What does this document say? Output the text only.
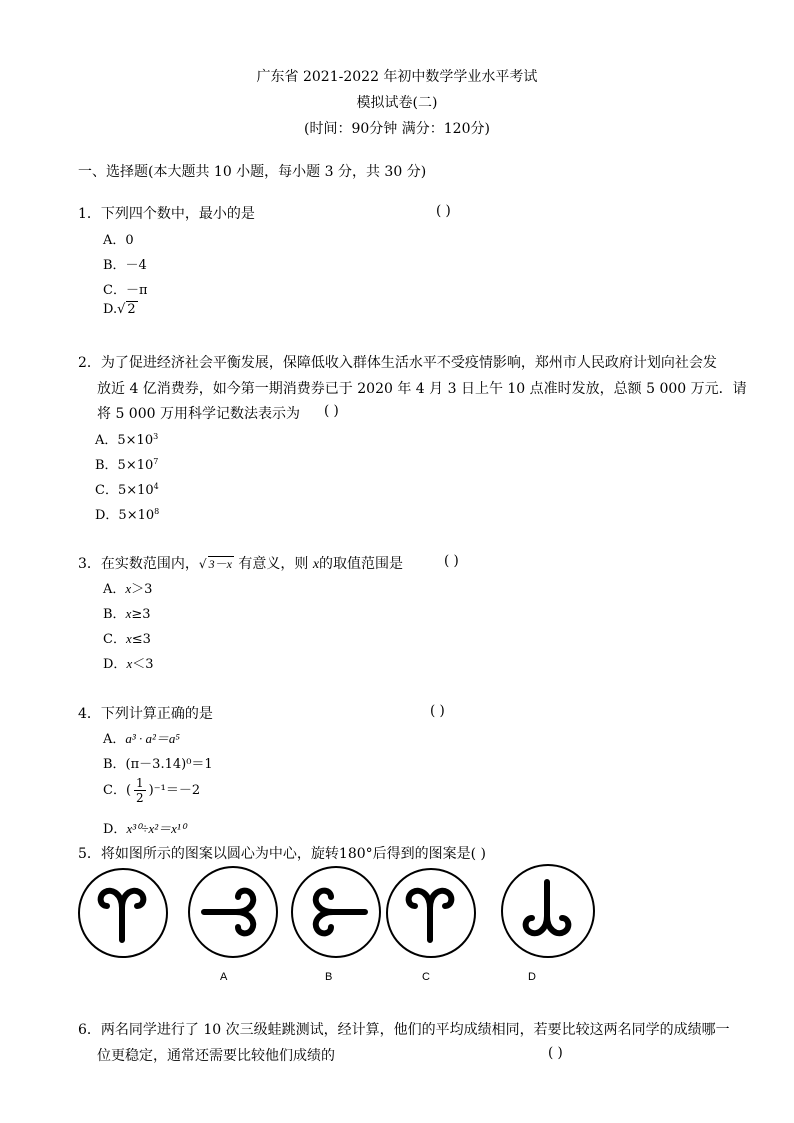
广东省 2021-2022 年初中数学学业水平考试
模拟试卷(二)
(时间：90分钟 满分：120分)
一、选择题(本大题共 10 小题，每小题 3 分，共 30 分)
1．下列四个数中，最小的是	( )
A．0
B．－4
C．－π
D.√ 2
2．为了促进经济社会平衡发展，保障低收入群体生活水平不受疫情影响，郑州市人民政府计划向社会发
放近 4 亿消费券，如今第一期消费券已于 2020 年 4 月 3 日上午 10 点准时发放，总额 5 000 万元．请
将 5 000 万用科学记数法表示为 ( )
A．$5\times 10^3$
B．$5\times 10^7$
C．$5\times 10^4$
D．$5\times 10^8$
3．在实数范围内，√ 3－x 有意义，则 x的取值范围是	( )
A．x＞3
B．x≥3
C．x≤3
D．x＜3
4．下列计算正确的是	( )
A．a³ · a²＝a⁵
B．(π－3.14)⁰＝1
C．( $\frac{1}{2} )^{-1}=-2$
D．x³⁰÷x²＝x¹⁰
5．将如图所示的图案以圆心为中心，旋转180°后得到的图案是( )
A	B	C	D
6．两名同学进行了 10 次三级蛙跳测试，经计算，他们的平均成绩相同，若要比较这两名同学的成绩哪一
位更稳定，通常还需要比较他们成绩的	( )
